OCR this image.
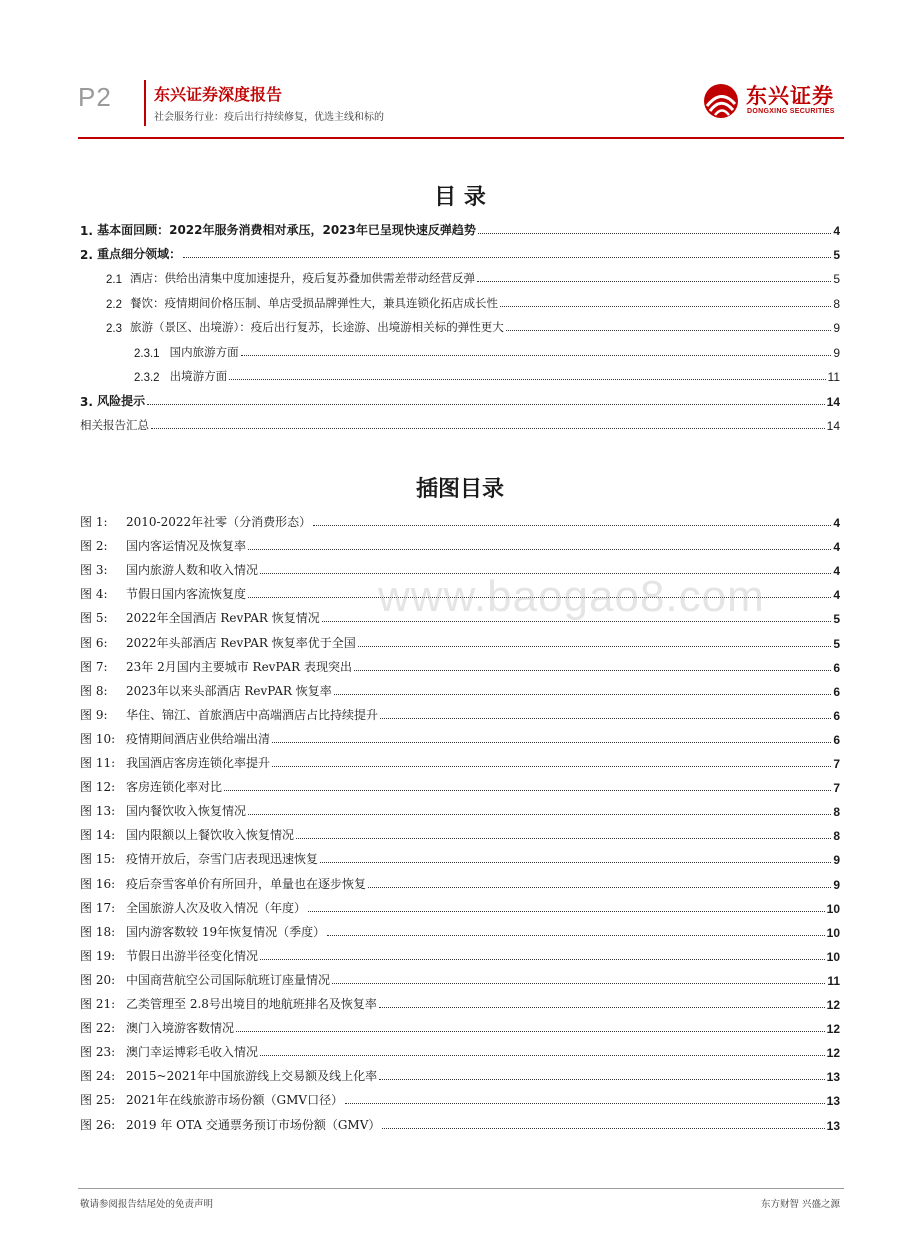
P2	东兴证券深度报告
社会服务行业：疫后出行持续修复，优选主线和标的
东兴证券
DONGXING SECURITIES
目 录
1.
基本面回顾：2022年服务消费相对承压，2023年已呈现快速反弹趋势	4
2.
重点细分领域：	5
2.1 酒店：供给出清集中度加速提升，疫后复苏叠加供需差带动经营反弹	5
2.2 餐饮：疫情期间价格压制、单店受损品牌弹性大，兼具连锁化拓店成长性	8
2.3 旅游（景区、出境游）：疫后出行复苏，长途游、出境游相关标的弹性更大	9
2.3.1 国内旅游方面	9
2.3.2 出境游方面	11
3.
风险提示	14
相关报告汇总	14
插图目录
图 1:	2010-2022年社零（分消费形态）	4
图 2:	国内客运情况及恢复率	4
图 3:	国内旅游人数和收入情况	4
图 4:	节假日国内客流恢复度	4
图 5:	2022年全国酒店 RevPAR 恢复情况	5
图 6:	2022年头部酒店 RevPAR 恢复率优于全国	5
图 7:	23年 2月国内主要城市 RevPAR 表现突出	6
图 8:	2023年以来头部酒店 RevPAR 恢复率	6
图 9:	华住、锦江、首旅酒店中高端酒店占比持续提升	6
图 10: 疫情期间酒店业供给端出清	6
图 11: 我国酒店客房连锁化率提升	7
图 12: 客房连锁化率对比	7
图 13: 国内餐饮收入恢复情况	8
图 14: 国内限额以上餐饮收入恢复情况	8
图 15: 疫情开放后，奈雪门店表现迅速恢复	9
图 16: 疫后奈雪客单价有所回升，单量也在逐步恢复	9
图 17: 全国旅游人次及收入情况（年度）	10
图 18: 国内游客数较 19年恢复情况（季度）	10
图 19: 节假日出游半径变化情况	10
图 20: 中国商营航空公司国际航班订座量情况	11
图 21: 乙类管理至 2.8号出境目的地航班排名及恢复率	12
图 22: 澳门入境游客数情况	12
图 23: 澳门幸运博彩毛收入情况	12
图 24: 2015~2021年中国旅游线上交易额及线上化率	13
图 25: 2021年在线旅游市场份额（GMV口径）	13
图 26: 2019 年 OTA 交通票务预订市场份额（GMV）	13
www.baogao8.com
敬请参阅报告结尾处的免责声明	东方财智 兴盛之源
